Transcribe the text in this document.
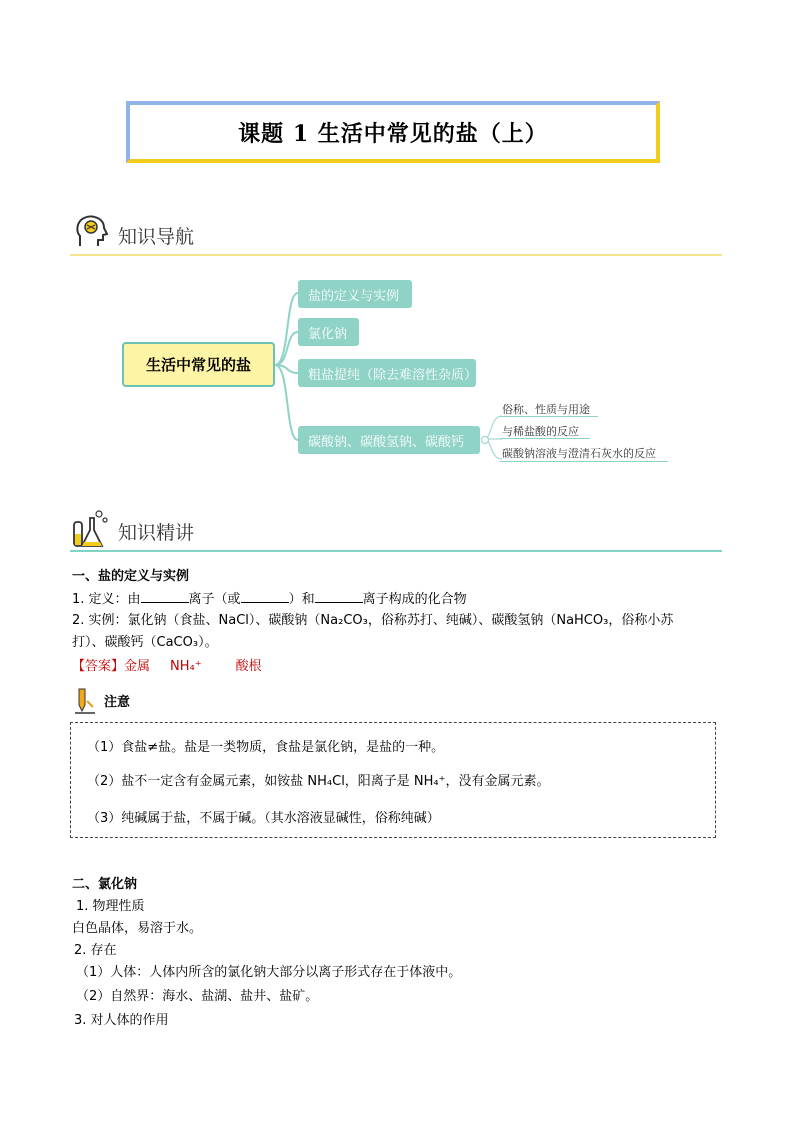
课题 1 生活中常见的盐（上）
知识导航
生活中常见的盐
盐的定义与实例
氯化钠
粗盐提纯（除去难溶性杂质）
碳酸钠、碳酸氢钠、碳酸钙
俗称、性质与用途
与稀盐酸的反应
碳酸钠溶液与澄清石灰水的反应
知识精讲
一、盐的定义与实例
1. 定义：由	离子（或	）和	离子构成的化合物
2. 实例：氯化钠（食盐、NaCl）、碳酸钠（Na₂CO₃，俗称苏打、纯碱）、碳酸氢钠（NaHCO₃，俗称小苏
打）、碳酸钙（CaCO₃）。
【答案】金属 NH₄⁺	酸根
注意
（1）食盐≠盐。盐是一类物质，食盐是氯化钠，是盐的一种。
（2）盐不一定含有金属元素，如铵盐 NH₄Cl，阳离子是 NH₄⁺，没有金属元素。
（3）纯碱属于盐，不属于碱。（其水溶液显碱性，俗称纯碱）
二、氯化钠
1. 物理性质
白色晶体，易溶于水。
2. 存在
（1）人体：人体内所含的氯化钠大部分以离子形式存在于体液中。
（2）自然界：海水、盐湖、盐井、盐矿。
3. 对人体的作用
